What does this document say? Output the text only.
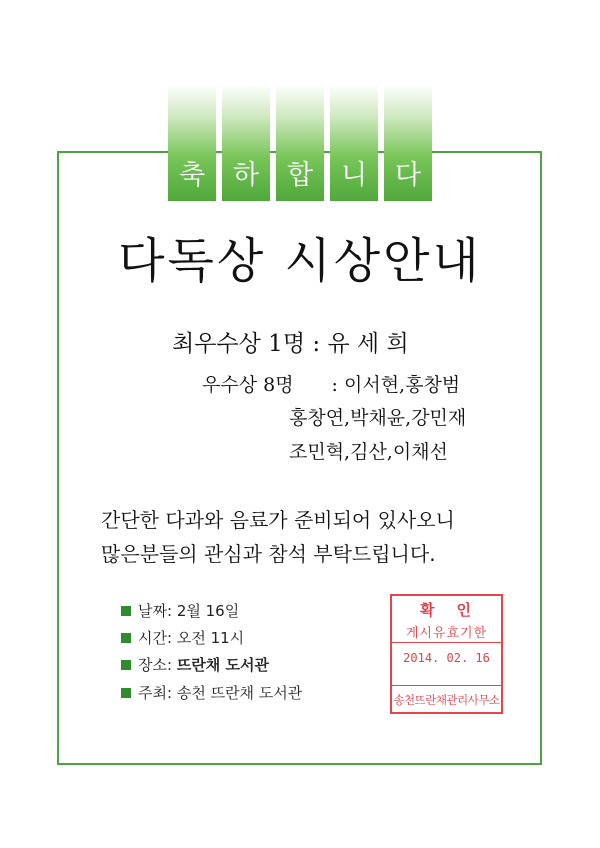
축	하	합	니	다
다독상 시상안내
최우수상 1명 : 유 세 희
우수상 8명 : 이서현,홍창범
홍창연,박채윤,강민재
조민혁,김산,이채선
간단한 다과와 음료가 준비되어 있사오니
많은분들의 관심과 참석 부탁드립니다.
날짜: 2월 16일
시간: 오전 11시
장소: 뜨란채 도서관
주최: 송천 뜨란채 도서관
확 인
게시유효기한
2014. 02. 16
송천뜨란채관리사무소
